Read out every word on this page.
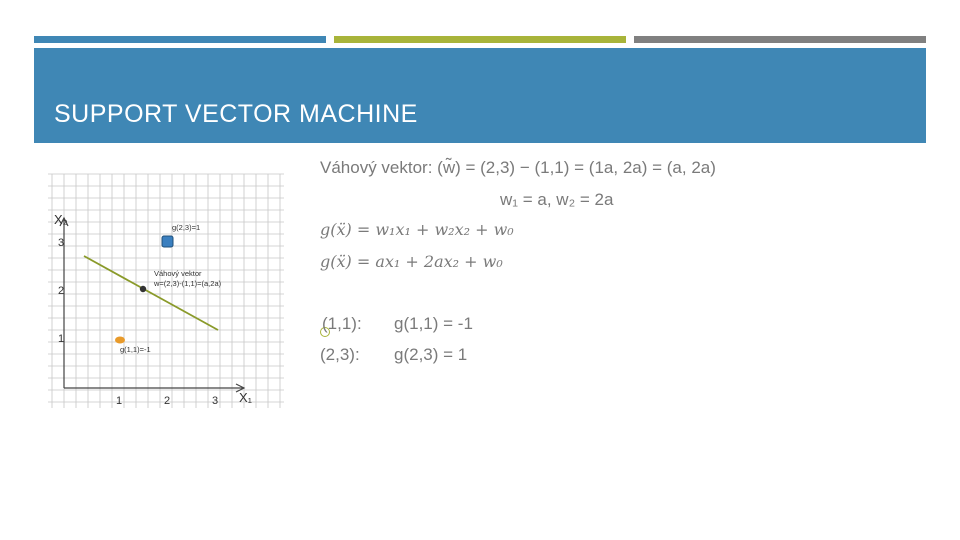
SUPPORT VECTOR MACHINE
X₂
X₁
1	2	3
1
2
3
g(2,3)=1
g(1,1)=-1
Váhový vektor
w=(2,3)-(1,1)=(a,2a)
Váhový vektor: (w̃) = (2,3) − (1,1) = (1a, 2a) = (a, 2a)
w₁ = a, w₂ = 2a
g(ẍ) = w₁x₁ + w₂x₂ + w₀
g(ẍ) = ax₁ + 2ax₂ + w₀
(1,1): g(1,1) = -1
(2,3): g(2,3) = 1
